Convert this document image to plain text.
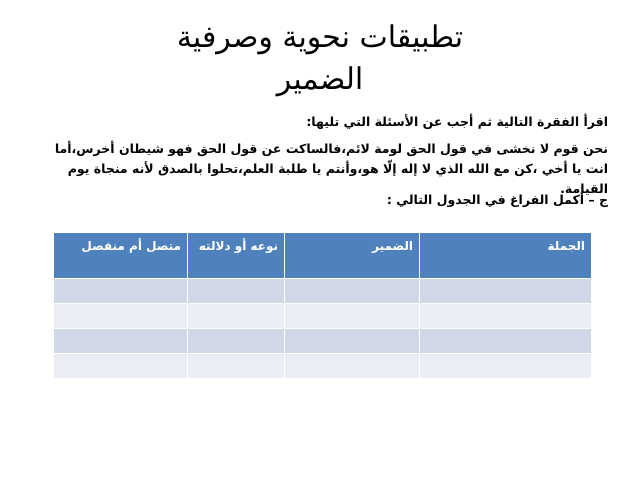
تطبيقات نحوية وصرفية
الضمير

اقرأ الفقرة التالية ثم أجب عن الأسئلة التي تليها:

نحن قوم لا نخشى في قول الحق لومة لائم،فالساكت عن قول الحق فهو شيطان أخرس،أما انت يا أخي ،كن مع الله الذي لا إله إلّا هو،وأنتم يا طلبة العلم،تحلوا بالصدق لأنه منجاة يوم القيامة.

ج – أكمل الفراغ في الجدول التالي :

الجملة	الضمير	نوعه أو دلالته	متصل أم منفصل
